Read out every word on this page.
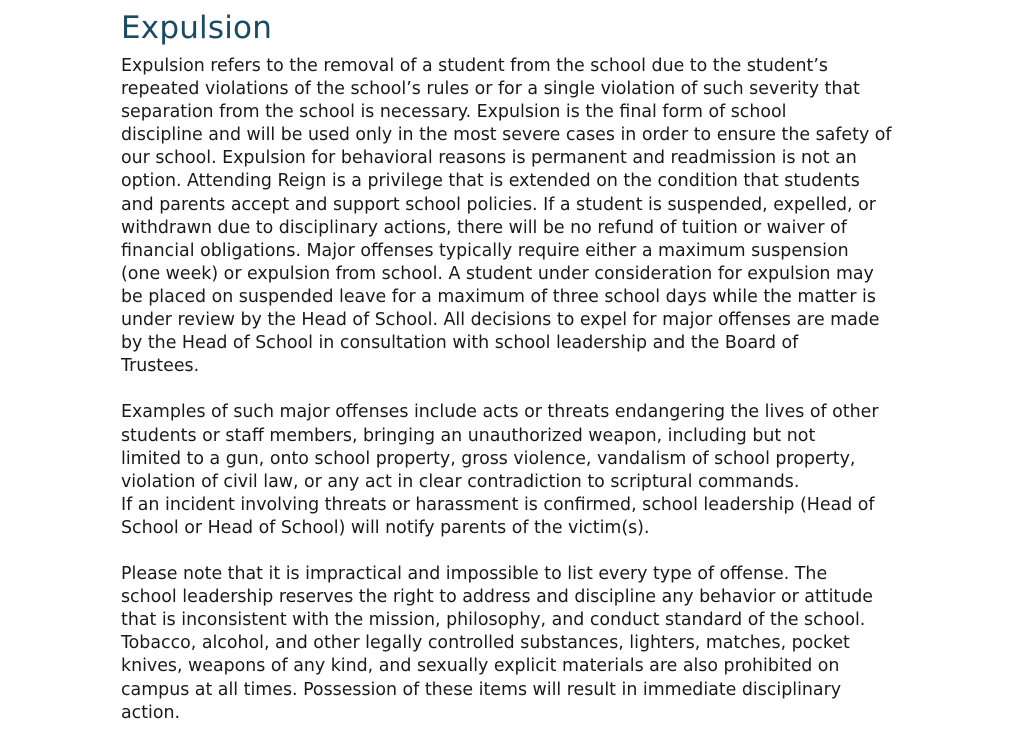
Expulsion
Expulsion refers to the removal of a student from the school due to the student’s
repeated violations of the school’s rules or for a single violation of such severity that
separation from the school is necessary. Expulsion is the final form of school
discipline and will be used only in the most severe cases in order to ensure the safety of
our school. Expulsion for behavioral reasons is permanent and readmission is not an
option. Attending Reign is a privilege that is extended on the condition that students
and parents accept and support school policies. If a student is suspended, expelled, or
withdrawn due to disciplinary actions, there will be no refund of tuition or waiver of
financial obligations. Major offenses typically require either a maximum suspension
(one week) or expulsion from school. A student under consideration for expulsion may
be placed on suspended leave for a maximum of three school days while the matter is
under review by the Head of School. All decisions to expel for major offenses are made
by the Head of School in consultation with school leadership and the Board of
Trustees.
Examples of such major offenses include acts or threats endangering the lives of other
students or staff members, bringing an unauthorized weapon, including but not
limited to a gun, onto school property, gross violence, vandalism of school property,
violation of civil law, or any act in clear contradiction to scriptural commands.
If an incident involving threats or harassment is confirmed, school leadership (Head of
School or Head of School) will notify parents of the victim(s).
Please note that it is impractical and impossible to list every type of offense. The
school leadership reserves the right to address and discipline any behavior or attitude
that is inconsistent with the mission, philosophy, and conduct standard of the school.
Tobacco, alcohol, and other legally controlled substances, lighters, matches, pocket
knives, weapons of any kind, and sexually explicit materials are also prohibited on
campus at all times. Possession of these items will result in immediate disciplinary
action.
